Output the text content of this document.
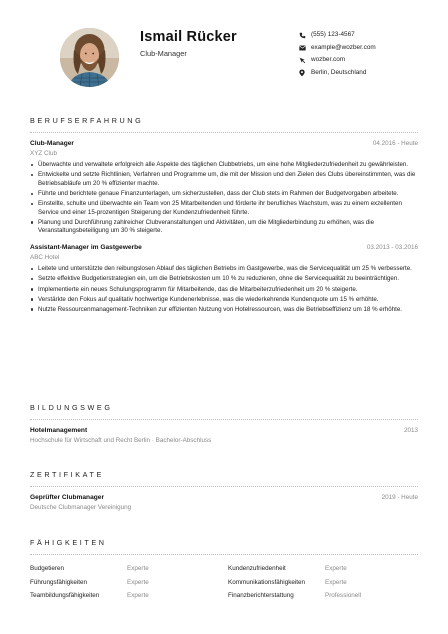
Ismail Rücker
Club-Manager
(555) 123-4567
example@wozber.com
wozber.com
Berlin, Deutschland
BERUFSERFAHRUNG
Club-Manager	04.2016 - Heute
XYZ Club
Überwachte und verwaltete erfolgreich alle Aspekte des täglichen Clubbetriebs, um eine hohe Mitgliederzufriedenheit zu gewährleisten.
Entwickelte und setzte Richtlinien, Verfahren und Programme um, die mit der Mission und den Zielen des Clubs übereinstimmten, was die Betriebsabläufe um 20 % effizienter machte.
Führte und berichtete genaue Finanzunterlagen, um sicherzustellen, dass der Club stets im Rahmen der Budgetvorgaben arbeitete.
Einstellte, schulte und überwachte ein Team von 25 Mitarbeitenden und förderte ihr berufliches Wachstum, was zu einem exzellenten Service und einer 15-prozentigen Steigerung der Kundenzufriedenheit führte.
Planung und Durchführung zahlreicher Clubveranstaltungen und Aktivitäten, um die Mitgliederbindung zu erhöhen, was die Veranstaltungsbeteiligung um 30 % steigerte.
Assistant-Manager im Gastgewerbe	03.2013 - 03.2016
ABC Hotel
Leitete und unterstützte den reibungslosen Ablauf des täglichen Betriebs im Gastgewerbe, was die Servicequalität um 25 % verbesserte.
Setzte effektive Budgetierstrategien ein, um die Betriebskosten um 10 % zu reduzieren, ohne die Servicequalität zu beeinträchtigen.
Implementierte ein neues Schulungsprogramm für Mitarbeitende, das die Mitarbeiterzufriedenheit um 20 % steigerte.
Verstärkte den Fokus auf qualitativ hochwertige Kundenerlebnisse, was die wiederkehrende Kundenquote um 15 % erhöhte.
Nutzte Ressourcenmanagement-Techniken zur effizienten Nutzung von Hotelressourcen, was die Betriebseffizienz um 18 % erhöhte.
BILDUNGSWEG
Hotelmanagement	2013
Hochschule für Wirtschaft und Recht Berlin · Bachelor-Abschluss
ZERTIFIKATE
Geprüfter Clubmanager	2019 - Heute
Deutsche Clubmanager Vereinigung
FÄHIGKEITEN
Budgetieren	Experte	Kundenzufriedenheit	Experte
Führungsfähigkeiten	Experte	Kommunikationsfähigkeiten	Experte
Teambildungsfähigkeiten	Experte	Finanzberichterstattung	Professionell
